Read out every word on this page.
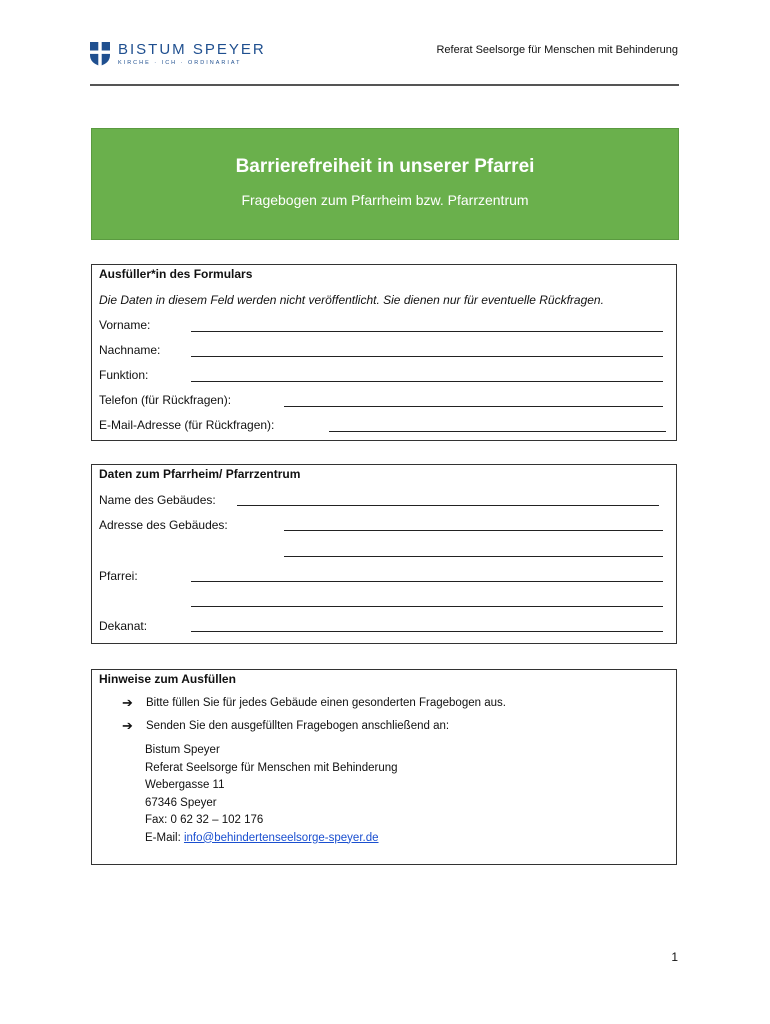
BISTUM SPEYER
KIRCHE · ICH · ORDINARIAT
Referat Seelsorge für Menschen mit Behinderung
Barrierefreiheit in unserer Pfarrei
Fragebogen zum Pfarrheim bzw. Pfarrzentrum
Ausfüller*in des Formulars
Die Daten in diesem Feld werden nicht veröffentlicht. Sie dienen nur für eventuelle Rückfragen.
Vorname:
Nachname:
Funktion:
Telefon (für Rückfragen):
E-Mail-Adresse (für Rückfragen):
Daten zum Pfarrheim/ Pfarrzentrum
Name des Gebäudes:
Adresse des Gebäudes:
Pfarrei:
Dekanat:
Hinweise zum Ausfüllen
➔	Bitte füllen Sie für jedes Gebäude einen gesonderten Fragebogen aus.
➔	Senden Sie den ausgefüllten Fragebogen anschließend an:
Bistum Speyer
Referat Seelsorge für Menschen mit Behinderung
Webergasse 11
67346 Speyer
Fax: 0 62 32 – 102 176
E-Mail: info@behindertenseelsorge-speyer.de
1
